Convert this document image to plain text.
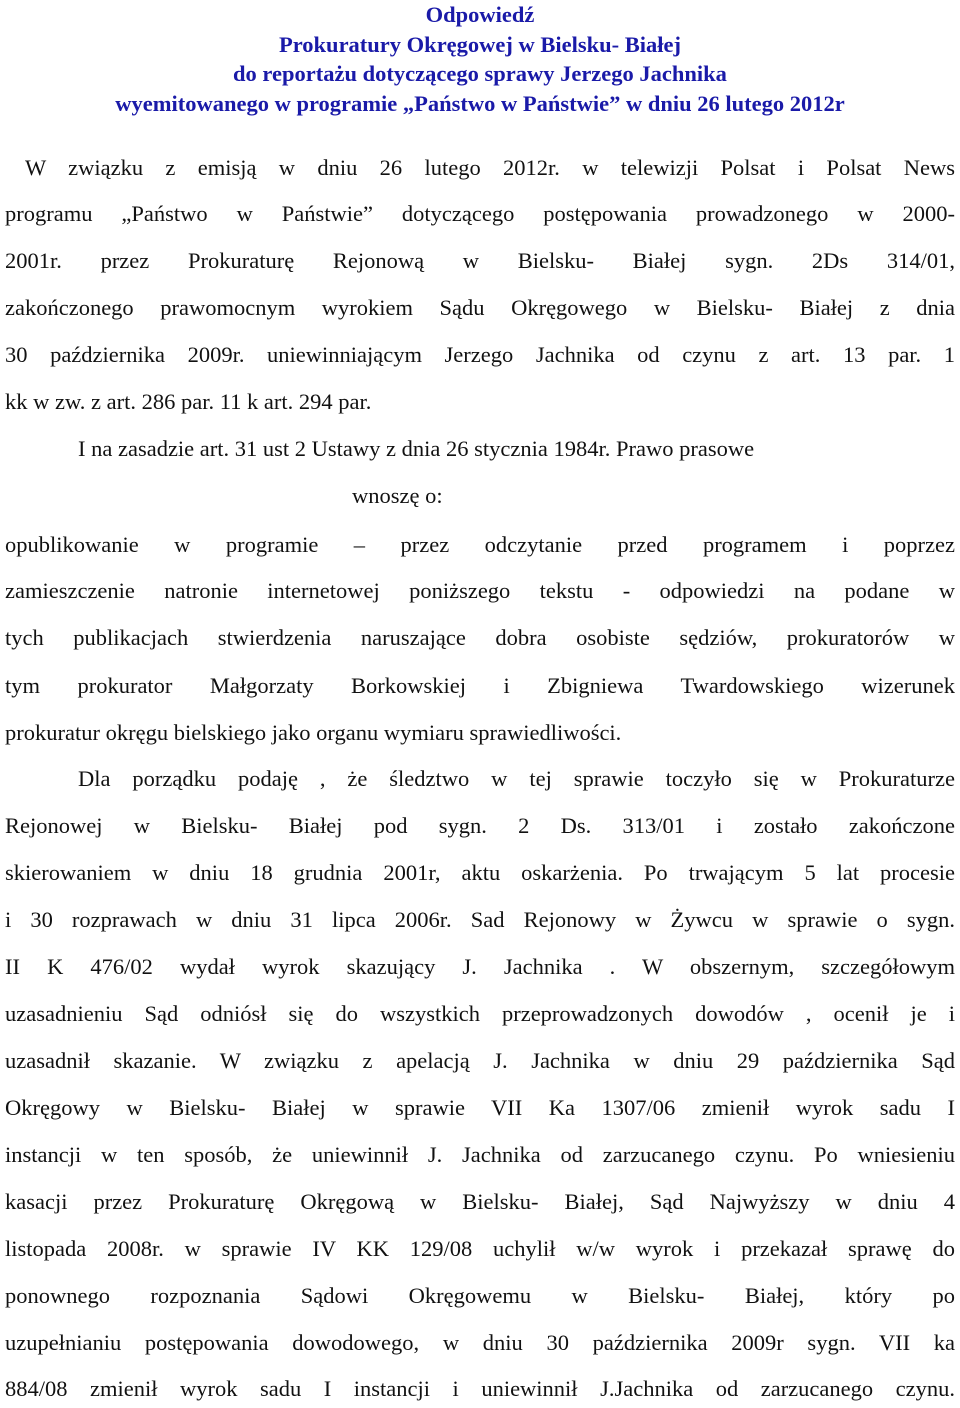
Odpowiedź
Prokuratury Okręgowej w Bielsku- Białej
do reportażu dotyczącego sprawy Jerzego Jachnika
wyemitowanego w programie „Państwo w Państwie” w dniu 26 lutego 2012r
W związku z emisją w dniu 26 lutego 2012r. w telewizji Polsat i Polsat News
programu „Państwo w Państwie” dotyczącego postępowania prowadzonego w 2000-
2001r. przez Prokuraturę Rejonową w Bielsku- Białej sygn. 2Ds 314/01,
zakończonego prawomocnym wyrokiem Sądu Okręgowego w Bielsku- Białej z dnia
30 października 2009r. uniewinniającym Jerzego Jachnika od czynu z art. 13 par. 1
kk w zw. z art. 286 par. 11 k art. 294 par.
I na zasadzie art. 31 ust 2 Ustawy z dnia 26 stycznia 1984r. Prawo prasowe
wnoszę o:
opublikowanie w programie – przez odczytanie przed programem i poprzez
zamieszczenie natronie internetowej poniższego tekstu - odpowiedzi na podane w
tych publikacjach stwierdzenia naruszające dobra osobiste sędziów, prokuratorów w
tym prokurator Małgorzaty Borkowskiej i Zbigniewa Twardowskiego wizerunek
prokuratur okręgu bielskiego jako organu wymiaru sprawiedliwości.
Dla porządku podaję , że śledztwo w tej sprawie toczyło się w Prokuraturze
Rejonowej w Bielsku- Białej pod sygn. 2 Ds. 313/01 i zostało zakończone
skierowaniem w dniu 18 grudnia 2001r, aktu oskarżenia. Po trwającym 5 lat procesie
i 30 rozprawach w dniu 31 lipca 2006r. Sad Rejonowy w Żywcu w sprawie o sygn.
II K 476/02 wydał wyrok skazujący J. Jachnika . W obszernym, szczegółowym
uzasadnieniu Sąd odniósł się do wszystkich przeprowadzonych dowodów , ocenił je i
uzasadnił skazanie. W związku z apelacją J. Jachnika w dniu 29 października Sąd
Okręgowy w Bielsku- Białej w sprawie VII Ka 1307/06 zmienił wyrok sadu I
instancji w ten sposób, że uniewinnił J. Jachnika od zarzucanego czynu. Po wniesieniu
kasacji przez Prokuraturę Okręgową w Bielsku- Białej, Sąd Najwyższy w dniu 4
listopada 2008r. w sprawie IV KK 129/08 uchylił w/w wyrok i przekazał sprawę do
ponownego rozpoznania Sądowi Okręgowemu w Bielsku- Białej, który po
uzupełnianiu postępowania dowodowego, w dniu 30 października 2009r sygn. VII ka
884/08 zmienił wyrok sadu I instancji i uniewinnił J.Jachnika od zarzucanego czynu.
